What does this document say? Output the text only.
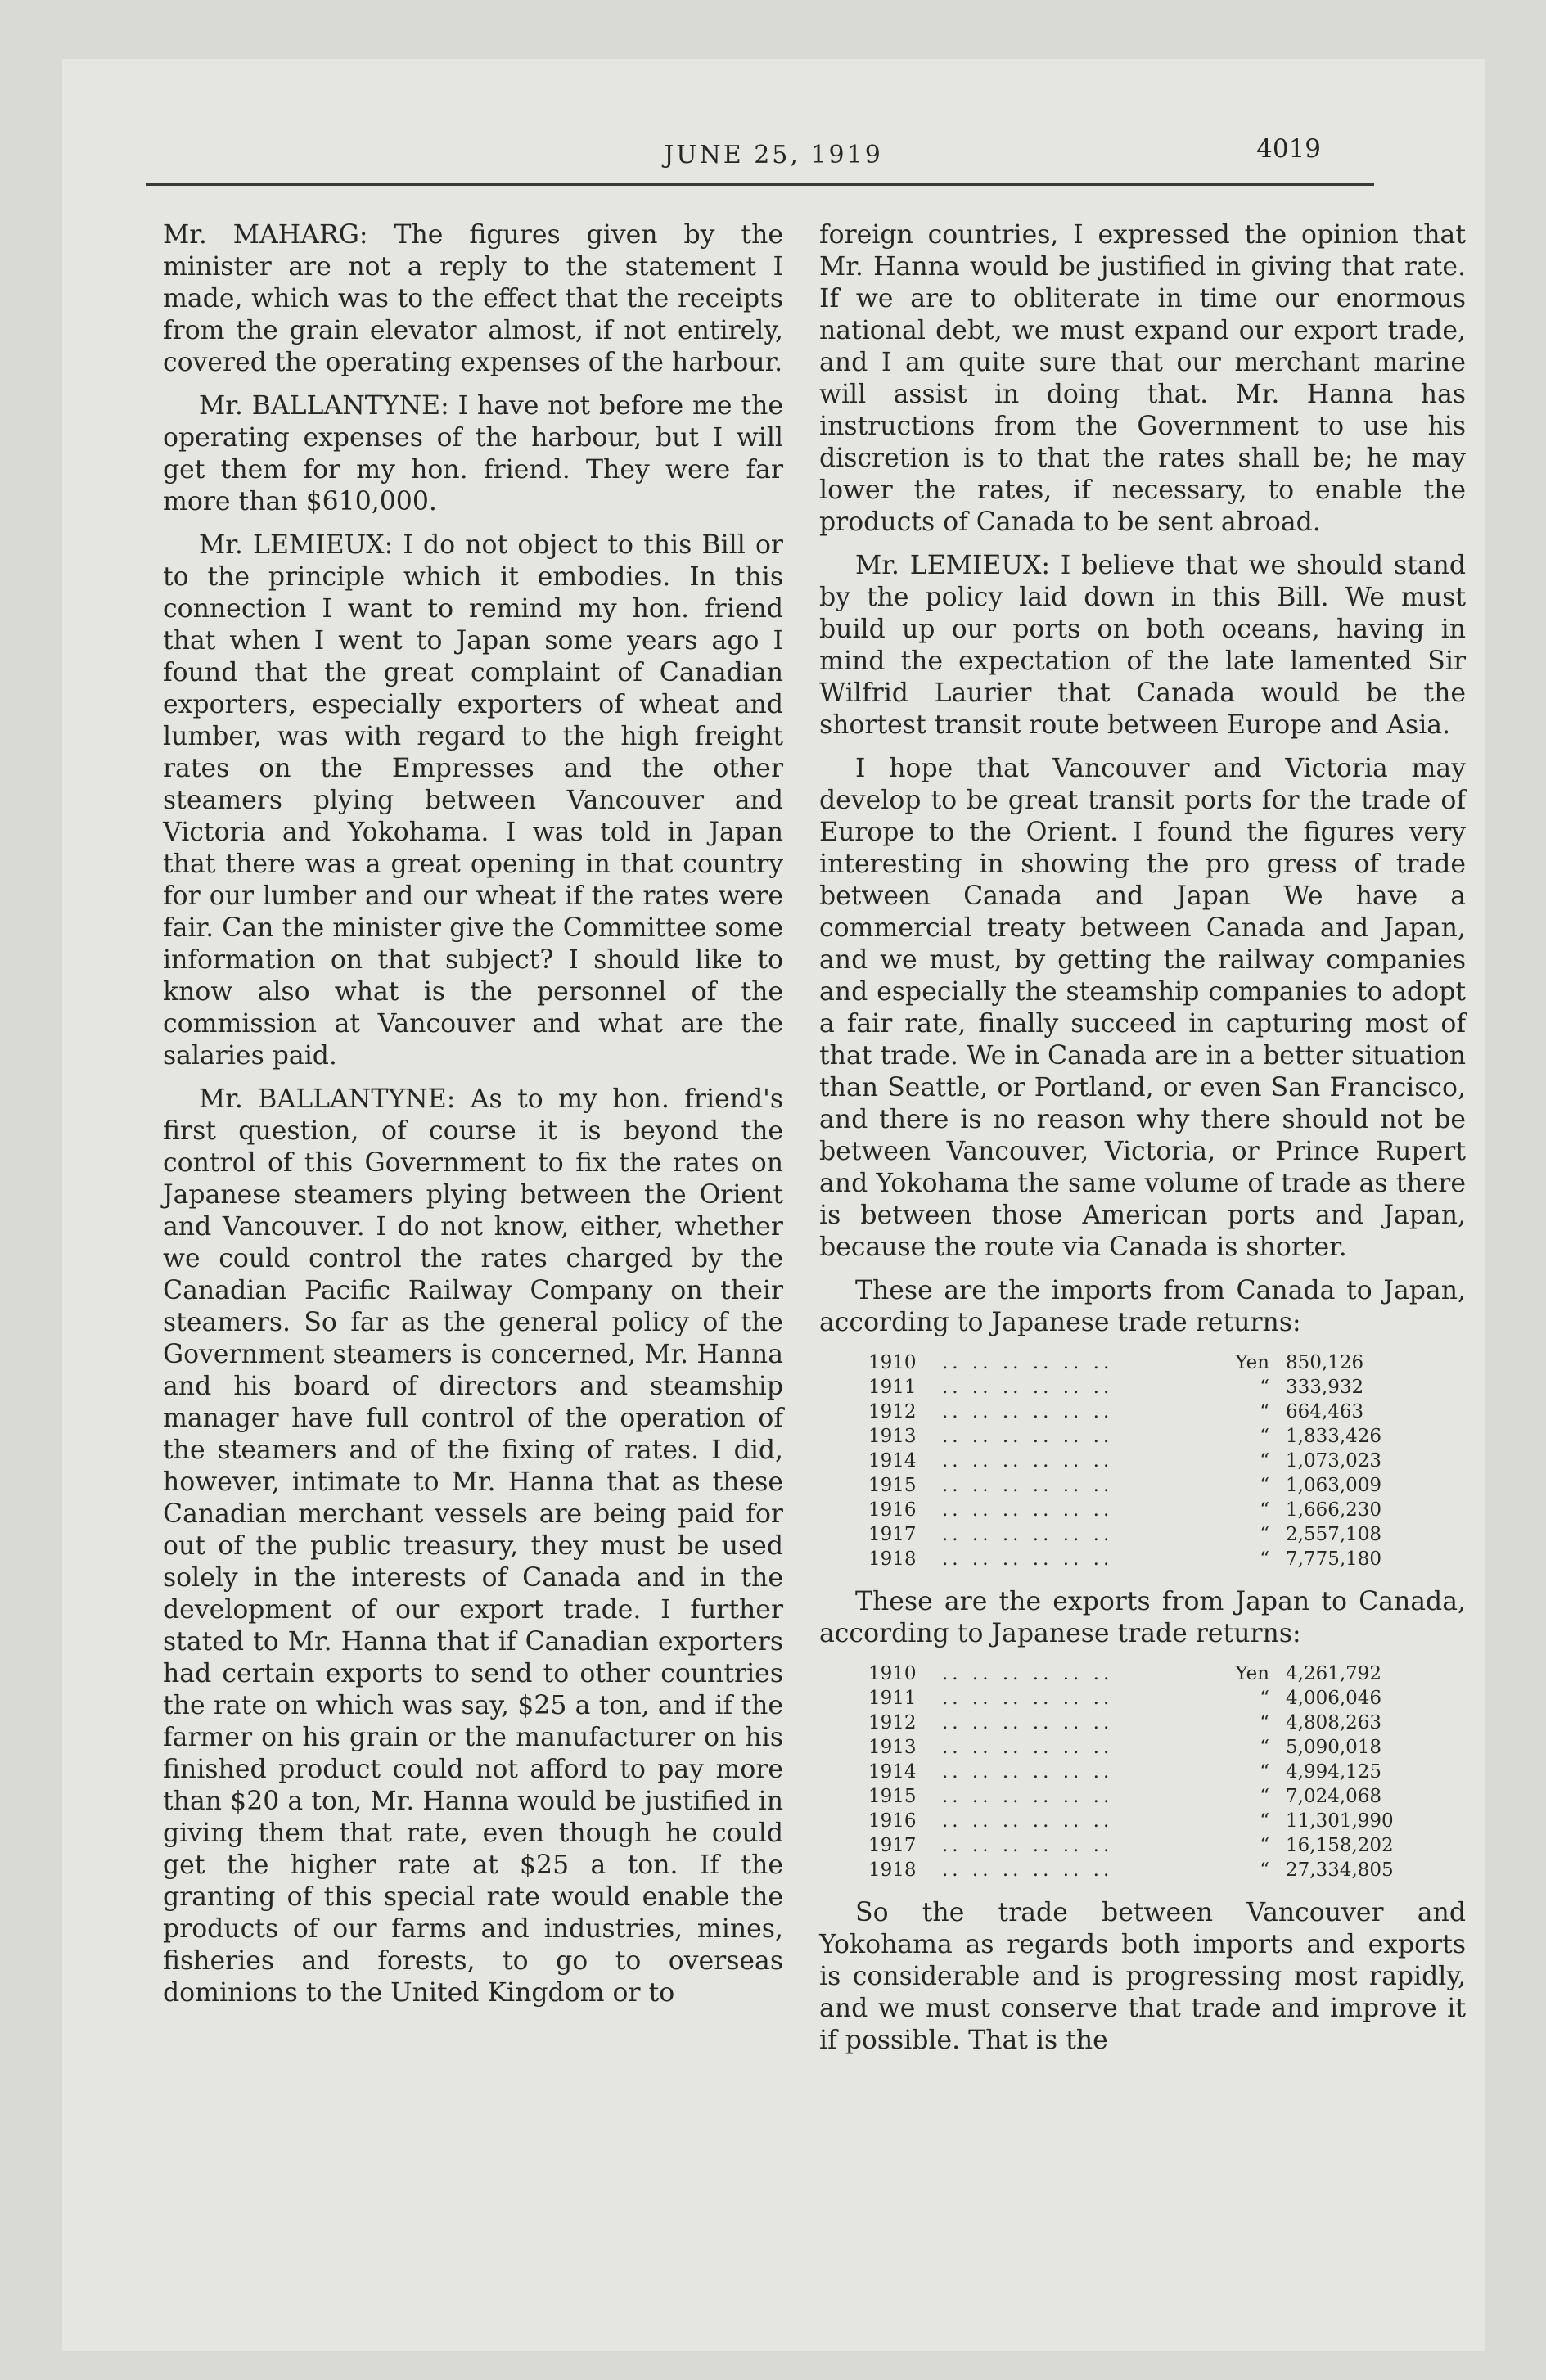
JUNE 25, 1919	4019

Mr. MAHARG: The figures given by the minister are not a reply to the statement I made, which was to the effect that the receipts from the grain elevator almost, if not entirely, covered the operating expenses of the harbour.

Mr. BALLANTYNE: I have not before me the operating expenses of the harbour, but I will get them for my hon. friend. They were far more than $610,000.

Mr. LEMIEUX: I do not object to this Bill or to the principle which it embodies. In this connection I want to remind my hon. friend that when I went to Japan some years ago I found that the great complaint of Canadian exporters, especially exporters of wheat and lumber, was with regard to the high freight rates on the Empresses and the other steamers plying between Vancouver and Victoria and Yokohama. I was told in Japan that there was a great opening in that country for our lumber and our wheat if the rates were fair. Can the minister give the Committee some information on that subject? I should like to know also what is the personnel of the commission at Vancouver and what are the salaries paid.

Mr. BALLANTYNE: As to my hon. friend's first question, of course it is beyond the control of this Government to fix the rates on Japanese steamers plying between the Orient and Vancouver. I do not know, either, whether we could control the rates charged by the Canadian Pacific Railway Company on their steamers. So far as the general policy of the Government steamers is concerned, Mr. Hanna and his board of directors and steamship manager have full control of the operation of the steamers and of the fixing of rates. I did, however, intimate to Mr. Hanna that as these Canadian merchant vessels are being paid for out of the public treasury, they must be used solely in the interests of Canada and in the development of our export trade. I further stated to Mr. Hanna that if Canadian exporters had certain exports to send to other countries the rate on which was say, $25 a ton, and if the farmer on his grain or the manufacturer on his finished product could not afford to pay more than $20 a ton, Mr. Hanna would be justified in giving them that rate, even though he could get the higher rate at $25 a ton. If the granting of this special rate would enable the products of our farms and industries, mines, fisheries and forests, to go to overseas dominions to the United Kingdom or to

foreign countries, I expressed the opinion that Mr. Hanna would be justified in giving that rate. If we are to obliterate in time our enormous national debt, we must expand our export trade, and I am quite sure that our merchant marine will assist in doing that. Mr. Hanna has instructions from the Government to use his discretion is to that the rates shall be; he may lower the rates, if necessary, to enable the products of Canada to be sent abroad.

Mr. LEMIEUX: I believe that we should stand by the policy laid down in this Bill. We must build up our ports on both oceans, having in mind the expectation of the late lamented Sir Wilfrid Laurier that Canada would be the shortest transit route between Europe and Asia.

I hope that Vancouver and Victoria may develop to be great transit ports for the trade of Europe to the Orient. I found the figures very interesting in showing the pro gress of trade between Canada and Japan We have a commercial treaty between Canada and Japan, and we must, by getting the railway companies and especially the steamship companies to adopt a fair rate, finally succeed in capturing most of that trade. We in Canada are in a better situation than Seattle, or Portland, or even San Francisco, and there is no reason why there should not be between Vancouver, Victoria, or Prince Rupert and Yokohama the same volume of trade as there is between those American ports and Japan, because the route via Canada is shorter.

These are the imports from Canada to Japan, according to Japanese trade returns:

1910	.. .. .. .. .. ..	Yen 850,126
1911	.. .. .. .. .. ..	“ 333,932
1912	.. .. .. .. .. ..	“ 664,463
1913	.. .. .. .. .. ..	“ 1,833,426
1914	.. .. .. .. .. ..	“ 1,073,023
1915	.. .. .. .. .. ..	“ 1,063,009
1916	.. .. .. .. .. ..	“ 1,666,230
1917	.. .. .. .. .. ..	“ 2,557,108
1918	.. .. .. .. .. ..	“ 7,775,180

These are the exports from Japan to Canada, according to Japanese trade returns:

1910	.. .. .. .. .. ..	Yen 4,261,792
1911	.. .. .. .. .. ..	“ 4,006,046
1912	.. .. .. .. .. ..	“ 4,808,263
1913	.. .. .. .. .. ..	“ 5,090,018
1914	.. .. .. .. .. ..	“ 4,994,125
1915	.. .. .. .. .. ..	“ 7,024,068
1916	.. .. .. .. .. ..	“ 11,301,990
1917	.. .. .. .. .. ..	“ 16,158,202
1918	.. .. .. .. .. ..	“ 27,334,805

So the trade between Vancouver and Yokohama as regards both imports and exports is considerable and is progressing most rapidly, and we must conserve that trade and improve it if possible. That is the
